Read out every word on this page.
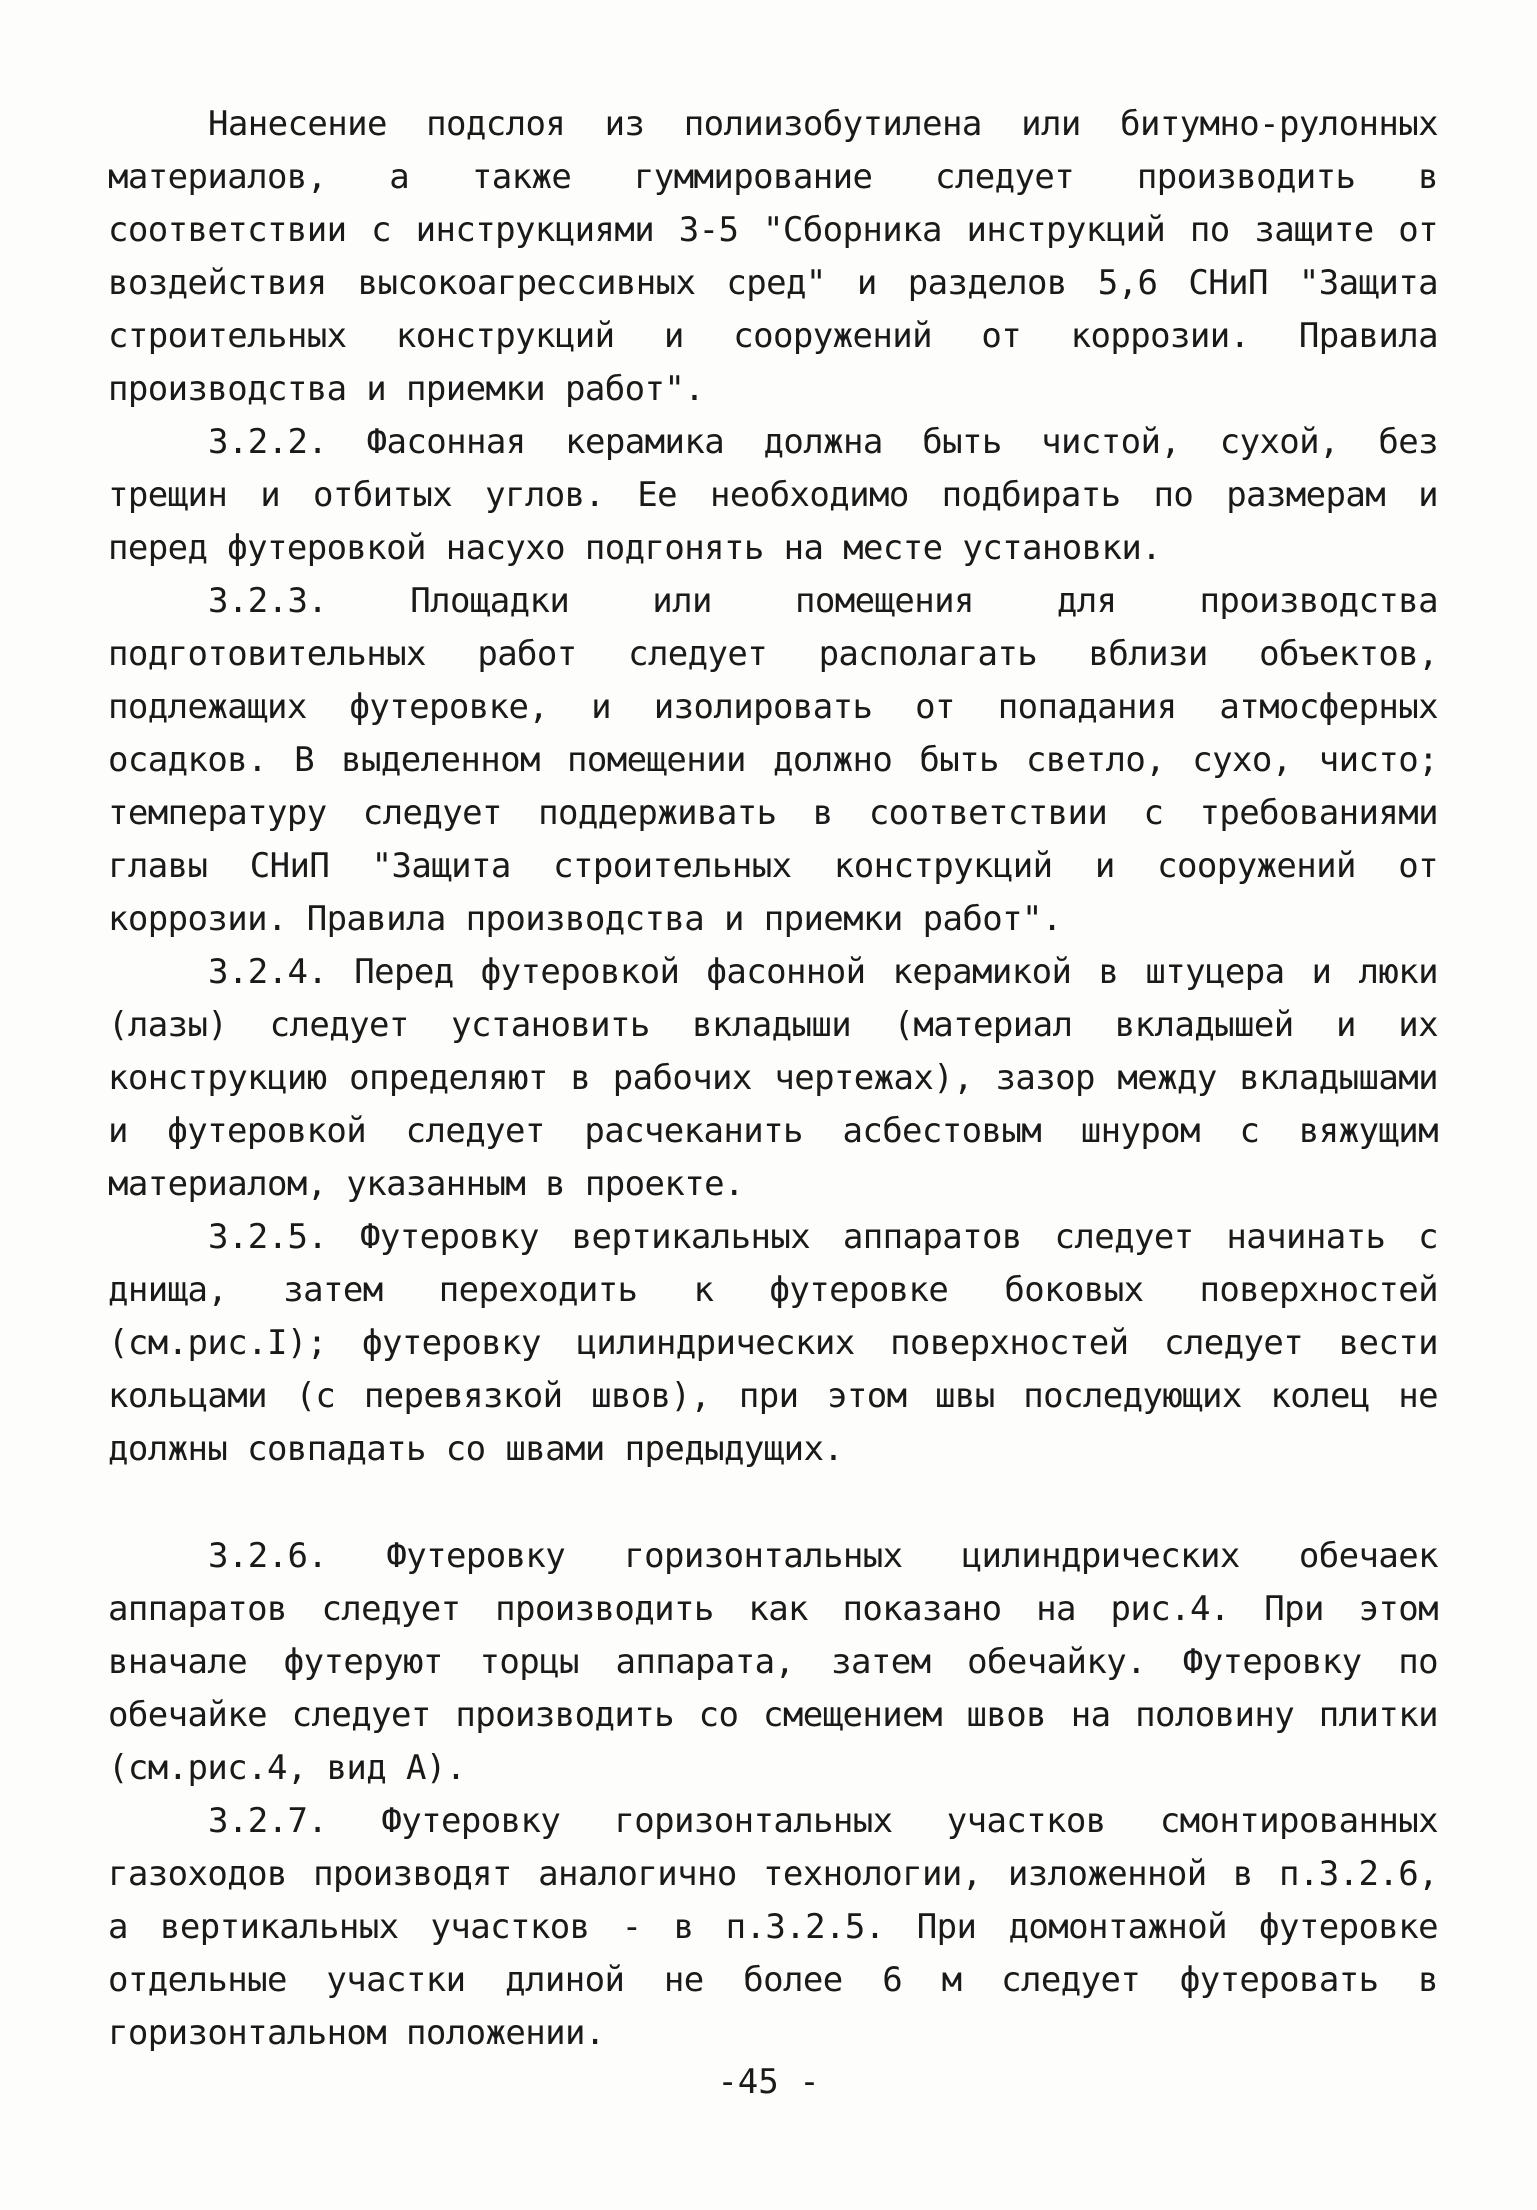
Нанесение подслоя из полиизобутилена или битумно-рулонных материалов, а также гуммирование следует производить в соответствии с инструкциями 3-5 "Сборника инструкций по защите от воздействия высокоагрессивных сред" и разделов 5,6 СНиП "Защита строительных конструкций и сооружений от коррозии. Правила производства и приемки работ".

3.2.2. Фасонная керамика должна быть чистой, сухой, без трещин и отбитых углов. Ее необходимо подбирать по размерам и перед футеровкой насухо подгонять на месте установки.

3.2.3. Площадки или помещения для производства подготовительных работ следует располагать вблизи объектов, подлежащих футеровке, и изолировать от попадания атмосферных осадков. В выделенном помещении должно быть светло, сухо, чисто; температуру следует поддерживать в соответствии с требованиями главы СНиП "Защита строительных конструкций и сооружений от коррозии. Правила производства и приемки работ".

3.2.4. Перед футеровкой фасонной керамикой в штуцера и люки (лазы) следует установить вкладыши (материал вкладышей и их конструкцию определяют в рабочих чертежах), зазор между вкладышами и футеровкой следует расчеканить асбестовым шнуром с вяжущим материалом, указанным в проекте.

3.2.5. Футеровку вертикальных аппаратов следует начинать с днища, затем переходить к футеровке боковых поверхностей (см.рис.I); футеровку цилиндрических поверхностей следует вести кольцами (с перевязкой швов), при этом швы последующих колец не должны совпадать со швами предыдущих.

3.2.6. Футеровку горизонтальных цилиндрических обечаек аппаратов следует производить как показано на рис.4. При этом вначале футеруют торцы аппарата, затем обечайку. Футеровку по обечайке следует производить со смещением швов на половину плитки (см.рис.4, вид А).

3.2.7. Футеровку горизонтальных участков смонтированных газоходов производят аналогично технологии, изложенной в п.3.2.6, а вертикальных участков - в п.3.2.5. При домонтажной футеровке отдельные участки длиной не более 6 м следует футеровать в горизонтальном положении.

-45 -
